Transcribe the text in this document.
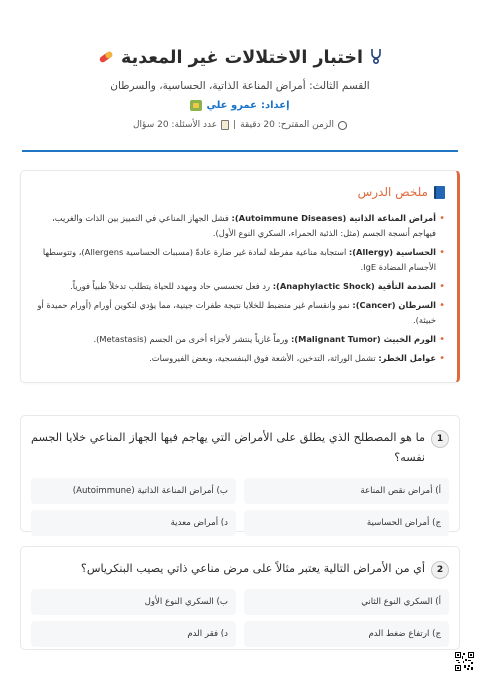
اختبار الاختلالات غير المعدية
القسم الثالث: أمراض المناعة الذاتية، الحساسية، والسرطان
إعداد:
عمرو علي
الزمن المقترح: 20 دقيقة
|
عدد الأسئلة: 20 سؤال
ملخص الدرس
• أمراض المناعة الذاتية (Autoimmune Diseases): فشل الجهاز المناعي في التمييز بين الذات والغريب، فيهاجم أنسجة الجسم (مثل: الذئبة الحمراء، السكري النوع الأول).
• الحساسية (Allergy): استجابة مناعية مفرطة لمادة غير ضارة عادةً (مسببات الحساسية Allergens)، وتتوسطها الأجسام المضادة IgE.
• الصدمة التأقية (Anaphylactic Shock): رد فعل تحسسي حاد ومهدد للحياة يتطلب تدخلاً طبياً فورياً.
• السرطان (Cancer): نمو وانقسام غير منضبط للخلايا نتيجة طفرات جينية، مما يؤدي لتكوين أورام (أورام حميدة أو خبيثة).
• الورم الخبيث (Malignant Tumor): ورماً غازياً ينتشر لأجزاء أخرى من الجسم (Metastasis).
• عوامل الخطر: تشمل الوراثة، التدخين، الأشعة فوق البنفسجية، وبعض الفيروسات.
1
ما هو المصطلح الذي يطلق على الأمراض التي يهاجم فيها الجهاز المناعي خلايا الجسم نفسه؟
أ) أمراض نقص المناعة
ب) أمراض المناعة الذاتية (Autoimmune)
ج) أمراض الحساسية
د) أمراض معدية
2
أي من الأمراض التالية يعتبر مثالاً على مرض مناعي ذاتي يصيب البنكرياس؟
أ) السكري النوع الثاني
ب) السكري النوع الأول
ج) ارتفاع ضغط الدم
د) فقر الدم
